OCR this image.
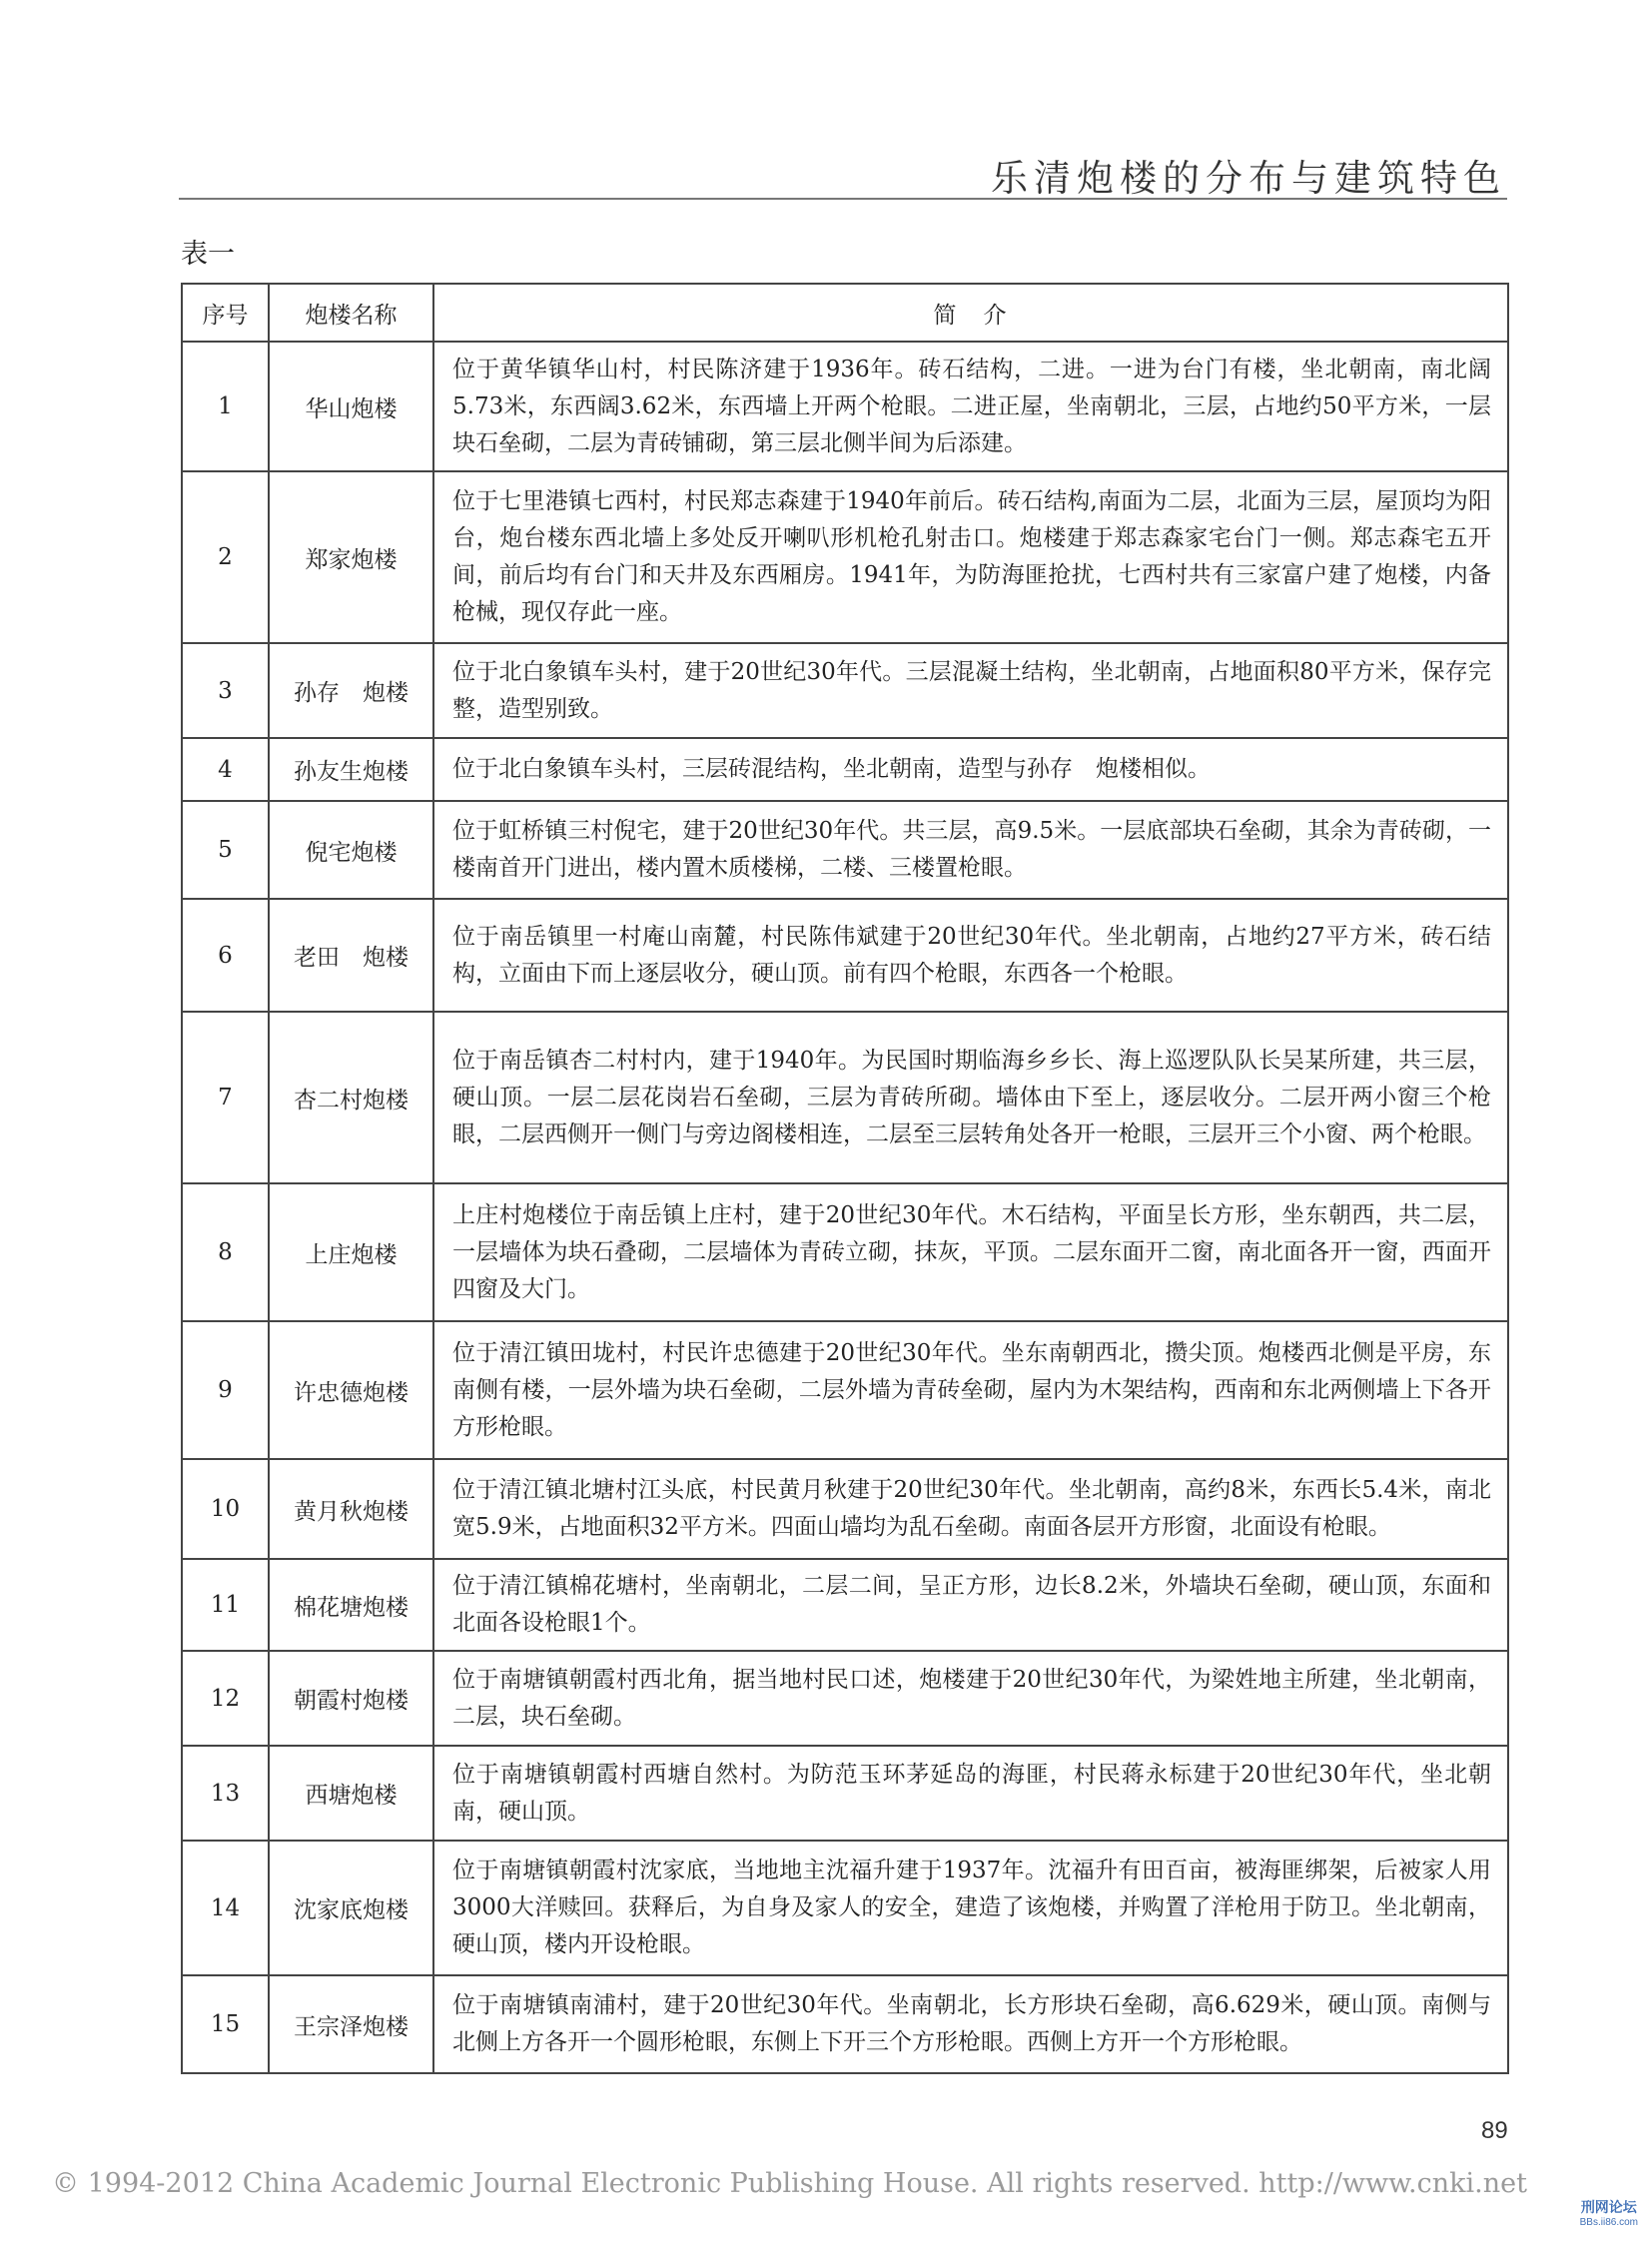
乐清炮楼的分布与建筑特色
表一
序号	炮楼名称	简　介
1	华山炮楼	位于黄华镇华山村，村民陈济建于1936年。砖石结构，二进。一进为台门有楼，坐北朝南，南北阔5.73米，东西阔3.62米，东西墙上开两个枪眼。二进正屋，坐南朝北，三层，占地约50平方米，一层块石垒砌，二层为青砖铺砌，第三层北侧半间为后添建。
2	郑家炮楼	位于七里港镇七西村，村民郑志森建于1940年前后。砖石结构,南面为二层，北面为三层，屋顶均为阳台，炮台楼东西北墙上多处反开喇叭形机枪孔射击口。炮楼建于郑志森家宅台门一侧。郑志森宅五开间，前后均有台门和天井及东西厢房。1941年，为防海匪抢扰，七西村共有三家富户建了炮楼，内备枪械，现仅存此一座。
3	孙存　炮楼	位于北白象镇车头村，建于20世纪30年代。三层混凝土结构，坐北朝南，占地面积80平方米，保存完整，造型别致。
4	孙友生炮楼	位于北白象镇车头村，三层砖混结构，坐北朝南，造型与孙存　炮楼相似。
5	倪宅炮楼	位于虹桥镇三村倪宅，建于20世纪30年代。共三层，高9.5米。一层底部块石垒砌，其余为青砖砌，一楼南首开门进出，楼内置木质楼梯，二楼、三楼置枪眼。
6	老田　炮楼	位于南岳镇里一村庵山南麓，村民陈伟斌建于20世纪30年代。坐北朝南，占地约27平方米，砖石结构，立面由下而上逐层收分，硬山顶。前有四个枪眼，东西各一个枪眼。
7	杏二村炮楼	位于南岳镇杏二村村内，建于1940年。为民国时期临海乡乡长、海上巡逻队队长吴某所建，共三层，硬山顶。一层二层花岗岩石垒砌，三层为青砖所砌。墙体由下至上，逐层收分。二层开两小窗三个枪眼，二层西侧开一侧门与旁边阁楼相连，二层至三层转角处各开一枪眼，三层开三个小窗、两个枪眼。
8	上庄炮楼	上庄村炮楼位于南岳镇上庄村，建于20世纪30年代。木石结构，平面呈长方形，坐东朝西，共二层，一层墙体为块石叠砌，二层墙体为青砖立砌，抹灰，平顶。二层东面开二窗，南北面各开一窗，西面开四窗及大门。
9	许忠德炮楼	位于清江镇田垅村，村民许忠德建于20世纪30年代。坐东南朝西北，攒尖顶。炮楼西北侧是平房，东南侧有楼，一层外墙为块石垒砌，二层外墙为青砖垒砌，屋内为木架结构，西南和东北两侧墙上下各开方形枪眼。
10	黄月秋炮楼	位于清江镇北塘村江头底，村民黄月秋建于20世纪30年代。坐北朝南，高约8米，东西长5.4米，南北宽5.9米，占地面积32平方米。四面山墙均为乱石垒砌。南面各层开方形窗，北面设有枪眼。
11	棉花塘炮楼	位于清江镇棉花塘村，坐南朝北，二层二间，呈正方形，边长8.2米，外墙块石垒砌，硬山顶，东面和北面各设枪眼1个。
12	朝霞村炮楼	位于南塘镇朝霞村西北角，据当地村民口述，炮楼建于20世纪30年代，为梁姓地主所建，坐北朝南，二层，块石垒砌。
13	西塘炮楼	位于南塘镇朝霞村西塘自然村。为防范玉环茅延岛的海匪，村民蒋永标建于20世纪30年代，坐北朝南，硬山顶。
14	沈家底炮楼	位于南塘镇朝霞村沈家底，当地地主沈福升建于1937年。沈福升有田百亩，被海匪绑架，后被家人用3000大洋赎回。获释后，为自身及家人的安全，建造了该炮楼，并购置了洋枪用于防卫。坐北朝南，硬山顶，楼内开设枪眼。
15	王宗泽炮楼	位于南塘镇南浦村，建于20世纪30年代。坐南朝北，长方形块石垒砌，高6.629米，硬山顶。南侧与北侧上方各开一个圆形枪眼，东侧上下开三个方形枪眼。西侧上方开一个方形枪眼。
89
© 1994-2012 China Academic Journal Electronic Publishing House. All rights reserved. http://www.cnki.net
刑网论坛
BBs.ii86.com
